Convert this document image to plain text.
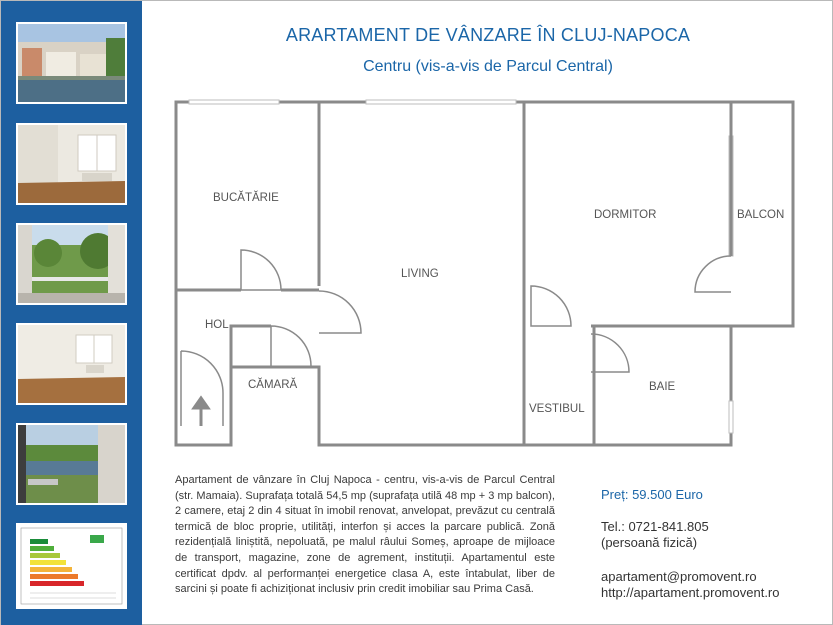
ARARTAMENT DE VÂNZARE ÎN CLUJ-NAPOCA
Centru (vis-a-vis de Parcul Central)
BUCĂTĂRIE
LIVING
DORMITOR	BALCON
HOL
CĂMARĂ
VESTIBUL
BAIE
Apartament de vânzare în Cluj Napoca - centru, vis-a-vis de Parcul Central (str. Mamaia). Suprafața totală 54,5 mp (suprafața utilă 48 mp + 3 mp balcon), 2 camere, etaj 2 din 4 situat în imobil renovat, anvelopat, prevăzut cu centrală termică de bloc proprie, utilități, interfon și acces la parcare publică. Zonă rezidențială liniștită, nepoluată, pe malul râului Someș, aproape de mijloace de transport, magazine, zone de agrement, instituții. Apartamentul este certificat dpdv. al performanței energetice clasa A, este întabulat, liber de sarcini și poate fi achiziționat inclusiv prin credit imobiliar sau Prima Casă.
Preț: 59.500 Euro
Tel.: 0721-841.805
(persoană fizică)
apartament@promovent.ro
http://apartament.promovent.ro
